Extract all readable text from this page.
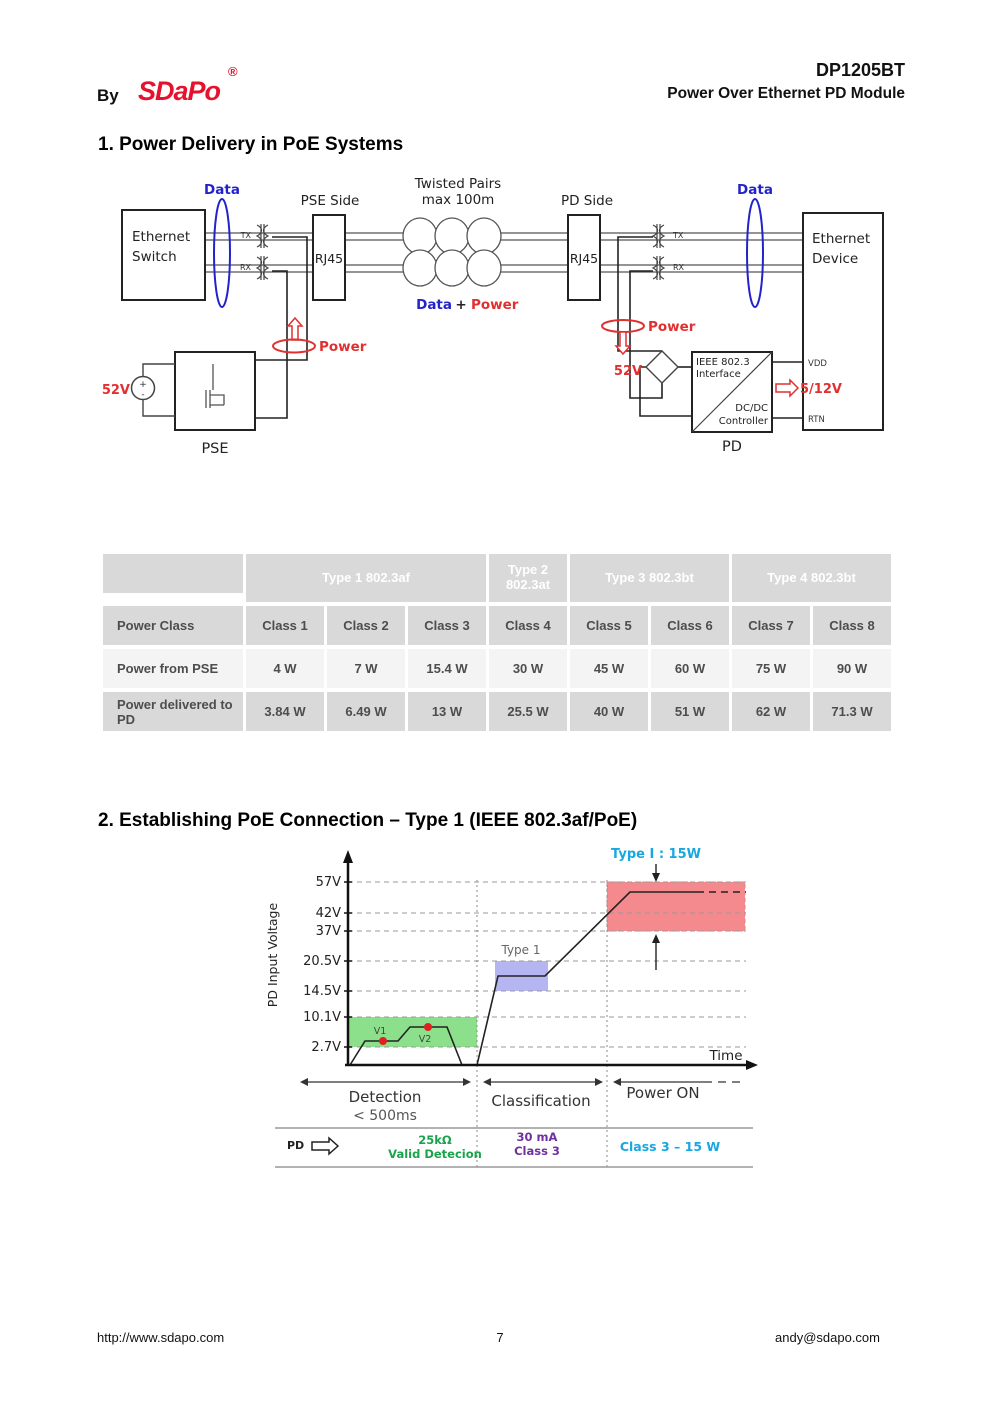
By SDaPo
®	DP1205BT
Power Over Ethernet PD Module
1. Power Delivery in PoE Systems
TX
RX
TX
RX
Ethernet
Switch
Data	Data
PSE Side
RJ45
PD Side
RJ45
Twisted Pairs
max 100m
Data + Power
Ethernet
Device
VDD
RTN
Power
PSE
+
-
52V
Power
52V
IEEE 802.3
Interface
DC/DC
Controller
PD
5/12V
Type 1 802.3af	Type 2 802.3at	Type 3 802.3bt	Type 4 802.3bt
Power Class	Class 1	Class 2	Class 3	Class 4	Class 5	Class 6	Class 7	Class 8
Power from PSE	4 W	7 W	15.4 W	30 W	45 W	60 W	75 W	90 W
Power delivered to PD	3.84 W	6.49 W	13 W	25.5 W	40 W	51 W	62 W	71.3 W
2. Establishing PoE Connection – Type 1 (IEEE 802.3af/PoE)
V1
V2
Type 1
Type I : 15W
57V
42V
37V
20.5V
14.5V
2.7V
10.1V
PD Input Voltage
Time
Detection
< 500ms
Classification Power ON
PD	25kΩ
Valid Detecion
30 mA
Class 3	Class 3 – 15 W
http://www.sdapo.com	7	andy@sdapo.com
